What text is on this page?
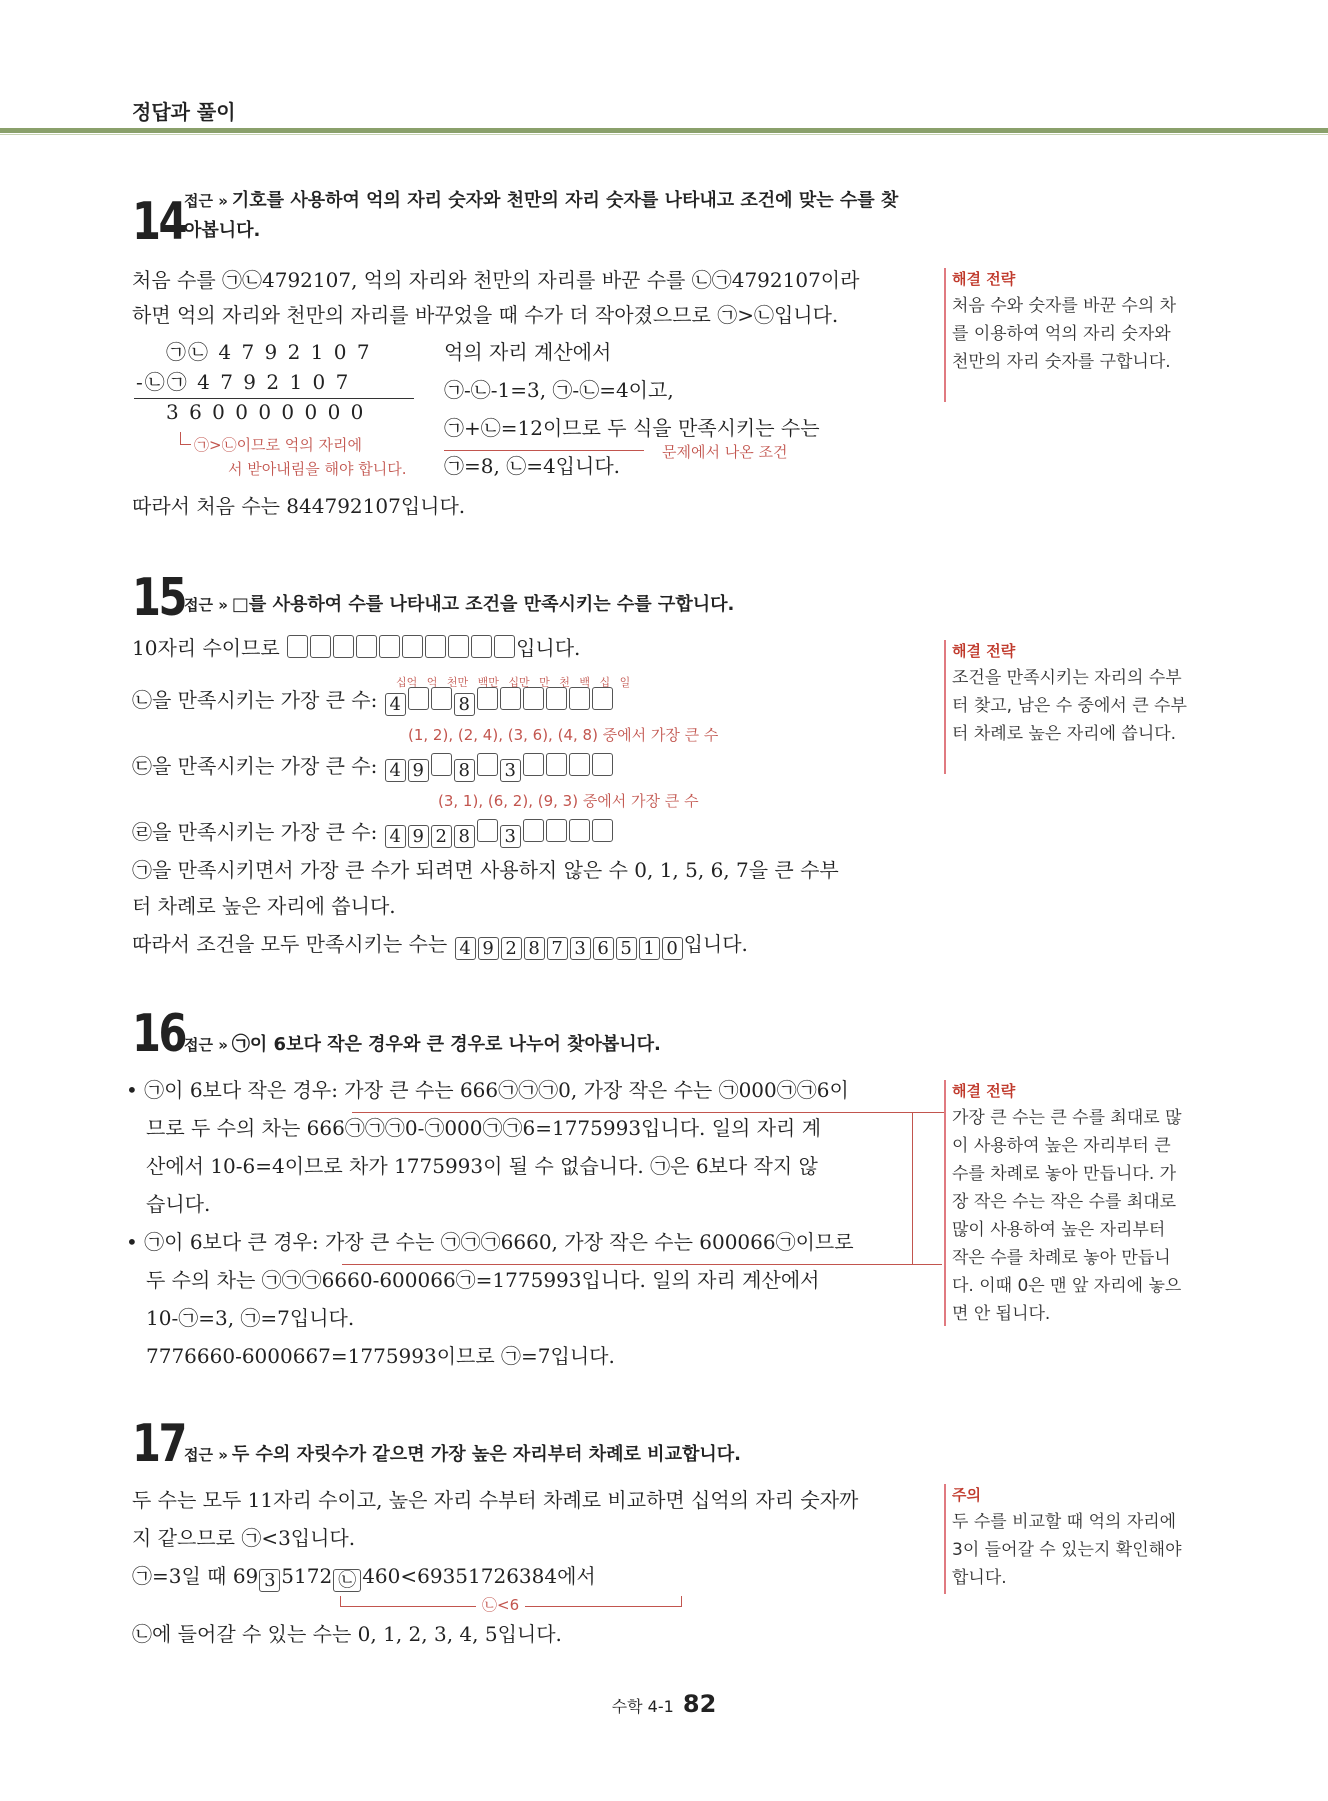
정답과 풀이
14
접근 » 기호를 사용하여 억의 자리 숫자와 천만의 자리 숫자를 나타내고 조건에 맞는 수를 찾아봅니다.
처음 수를 ㉠㉡4792107, 억의 자리와 천만의 자리를 바꾼 수를 ㉡㉠4792107이라
하면 억의 자리와 천만의 자리를 바꾸었을 때 수가 더 작아졌으므로 ㉠>㉡입니다.
㉠㉡ 4 7 9 2 1 0 7
-㉡㉠ 4 7 9 2 1 0 7
3 6 0 0 0 0 0 0 0
억의 자리 계산에서
㉠-㉡-1=3, ㉠-㉡=4이고,
㉠+㉡=12이므로 두 식을 만족시키는 수는
㉠=8, ㉡=4입니다.
㉠>㉡이므로 억의 자리에
서 받아내림을 해야 합니다.
문제에서 나온 조건
따라서 처음 수는 844792107입니다.
해결 전략
처음 수와 숫자를 바꾼 수의 차를 이용하여 억의 자리 숫자와 천만의 자리 숫자를 구합니다.
15
접근 » □를 사용하여 수를 나타내고 조건을 만족시키는 수를 구합니다.
10자리 수이므로	입니다.
십억 억 천만 백만 십만 만 천 백 십 일
㉡을 만족시키는 가장 큰 수: 4	8
(1, 2), (2, 4), (3, 6), (4, 8) 중에서 가장 큰 수
㉢을 만족시키는 가장 큰 수: 4 9 8 3
(3, 1), (6, 2), (9, 3) 중에서 가장 큰 수
㉣을 만족시키는 가장 큰 수: 4 9 2 8 3
㉠을 만족시키면서 가장 큰 수가 되려면 사용하지 않은 수 0, 1, 5, 6, 7을 큰 수부
터 차례로 높은 자리에 씁니다.
따라서 조건을 모두 만족시키는 수는 4 9 2 8 7 3 6 5 1 0 입니다.
해결 전략
조건을 만족시키는 자리의 수부터 찾고, 남은 수 중에서 큰 수부터 차례로 높은 자리에 씁니다.
16
접근 » ㉠이 6보다 작은 경우와 큰 경우로 나누어 찾아봅니다.
• ㉠이 6보다 작은 경우: 가장 큰 수는 666㉠㉠㉠0, 가장 작은 수는 ㉠000㉠㉠6이
므로 두 수의 차는 666㉠㉠㉠0-㉠000㉠㉠6=1775993입니다. 일의 자리 계
산에서 10-6=4이므로 차가 1775993이 될 수 없습니다. ㉠은 6보다 작지 않
습니다.
• ㉠이 6보다 큰 경우: 가장 큰 수는 ㉠㉠㉠6660, 가장 작은 수는 600066㉠이므로
두 수의 차는 ㉠㉠㉠6660-600066㉠=1775993입니다. 일의 자리 계산에서
10-㉠=3, ㉠=7입니다.
7776660-6000667=1775993이므로 ㉠=7입니다.
해결 전략
가장 큰 수는 큰 수를 최대로 많이 사용하여 높은 자리부터 큰 수를 차례로 놓아 만듭니다. 가장 작은 수는 작은 수를 최대로 많이 사용하여 높은 자리부터 작은 수를 차례로 놓아 만듭니다. 이때 0은 맨 앞 자리에 놓으면 안 됩니다.
17
접근 » 두 수의 자릿수가 같으면 가장 높은 자리부터 차례로 비교합니다.
두 수는 모두 11자리 수이고, 높은 자리 수부터 차례로 비교하면 십억의 자리 숫자까
지 같으므로 ㉠<3입니다.
㉠=3일 때 69 3 5172 ㉡ 460<69351726384에서
㉡<6
㉡에 들어갈 수 있는 수는 0, 1, 2, 3, 4, 5입니다.
주의
두 수를 비교할 때 억의 자리에 3이 들어갈 수 있는지 확인해야 합니다.
수학 4-1 82
